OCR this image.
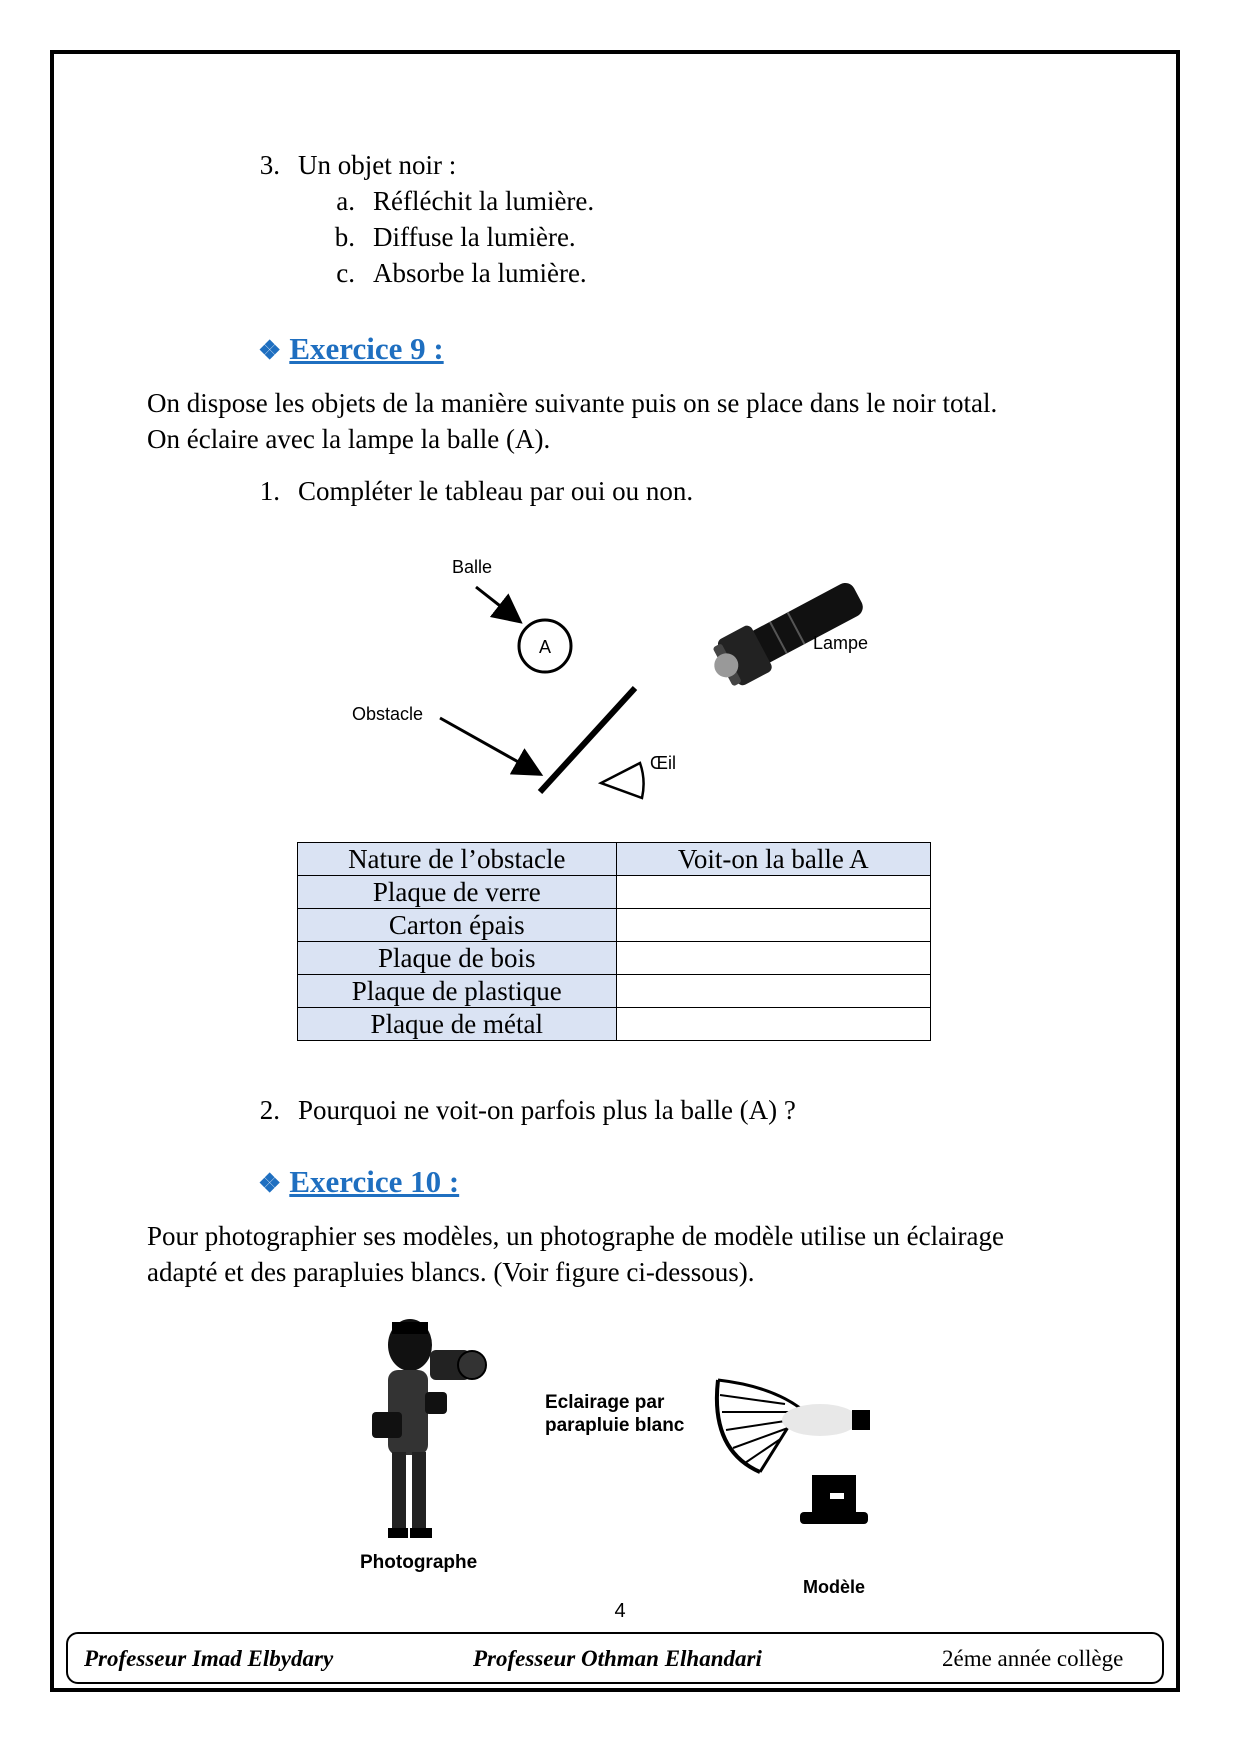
3. Un objet noir :
a. Réfléchit la lumière.
b. Diffuse la lumière.
c. Absorbe la lumière.
❖ Exercice 9 :
On dispose les objets de la manière suivante puis on se place dans le noir total.
On éclaire avec la lampe la balle (A).
1. Compléter le tableau par oui ou non.
Balle
A	Lampe
Obstacle
Œil
Nature de l’obstacle	Voit-on la balle A
Plaque de verre	
Carton épais	
Plaque de bois	
Plaque de plastique	
Plaque de métal	
2. Pourquoi ne voit-on parfois plus la balle (A) ?
❖ Exercice 10 :
Pour photographier ses modèles, un photographe de modèle utilise un éclairage
adapté et des parapluies blancs. (Voir figure ci-dessous).
Photographe
Eclairage par
parapluie blanc
Modèle
4
Professeur Imad Elbydary	Professeur Othman Elhandari	2éme année collège
